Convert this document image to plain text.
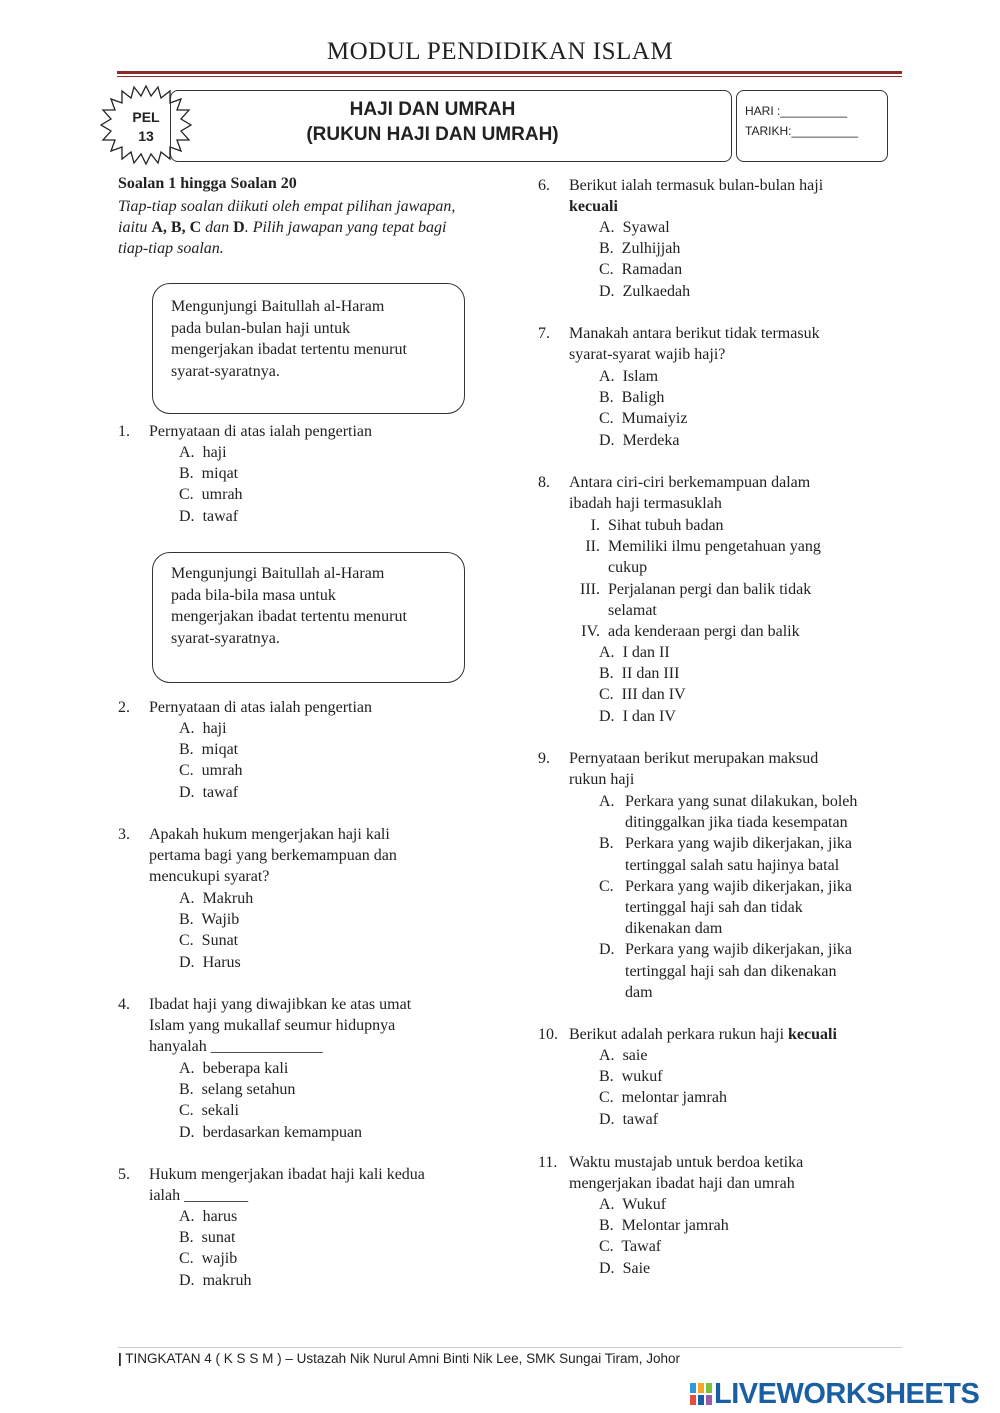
MODUL PENDIDIKAN ISLAM
PEL
13
HAJI DAN UMRAH
(RUKUN HAJI DAN UMRAH)
HARI :__________
TARIKH:__________
Soalan 1 hingga Soalan 20
Tiap-tiap soalan diikuti oleh empat pilihan jawapan, iaitu A, B, C dan D. Pilih jawapan yang tepat bagi tiap-tiap soalan.
Mengunjungi Baitullah al-Haram
pada bulan-bulan haji untuk
mengerjakan ibadat tertentu menurut
syarat-syaratnya.
Mengunjungi Baitullah al-Haram
pada bila-bila masa untuk
mengerjakan ibadat tertentu menurut
syarat-syaratnya.
1. Pernyataan di atas ialah pengertian
A. haji
B. miqat
C. umrah
D. tawaf
2. Pernyataan di atas ialah pengertian
A. haji
B. miqat
C. umrah
D. tawaf
3. Apakah hukum mengerjakan haji kali
pertama bagi yang berkemampuan dan
mencukupi syarat?
A. Makruh
B. Wajib
C. Sunat
D. Harus
4. Ibadat haji yang diwajibkan ke atas umat
Islam yang mukallaf seumur hidupnya
hanyalah ______________
A. beberapa kali
B. selang setahun
C. sekali
D. berdasarkan kemampuan
5. Hukum mengerjakan ibadat haji kali kedua
ialah ________
A. harus
B. sunat
C. wajib
D. makruh
6. Berikut ialah termasuk bulan-bulan haji
kecuali
A. Syawal
B. Zulhijjah
C. Ramadan
D. Zulkaedah
7. Manakah antara berikut tidak termasuk
syarat-syarat wajib haji?
A. Islam
B. Baligh
C. Mumaiyiz
D. Merdeka
8. Antara ciri-ciri berkemampuan dalam
ibadah haji termasuklah
I. Sihat tubuh badan
II. Memiliki ilmu pengetahuan yang
cukup
III. Perjalanan pergi dan balik tidak
selamat
IV. ada kenderaan pergi dan balik
A. I dan II
B. II dan III
C. III dan IV
D. I dan IV
9. Pernyataan berikut merupakan maksud
rukun haji
A. Perkara yang sunat dilakukan, boleh
ditinggalkan jika tiada kesempatan
B. Perkara yang wajib dikerjakan, jika
tertinggal salah satu hajinya batal
C. Perkara yang wajib dikerjakan, jika
tertinggal haji sah dan tidak
dikenakan dam
D. Perkara yang wajib dikerjakan, jika
tertinggal haji sah dan dikenakan
dam
10. Berikut adalah perkara rukun haji kecuali
A. saie
B. wukuf
C. melontar jamrah
D. tawaf
11. Waktu mustajab untuk berdoa ketika
mengerjakan ibadat haji dan umrah
A. Wukuf
B. Melontar jamrah
C. Tawaf
D. Saie
| TINGKATAN 4 ( K S S M ) – Ustazah Nik Nurul Amni Binti Nik Lee, SMK Sungai Tiram, Johor
LIVEWORKSHEETS
